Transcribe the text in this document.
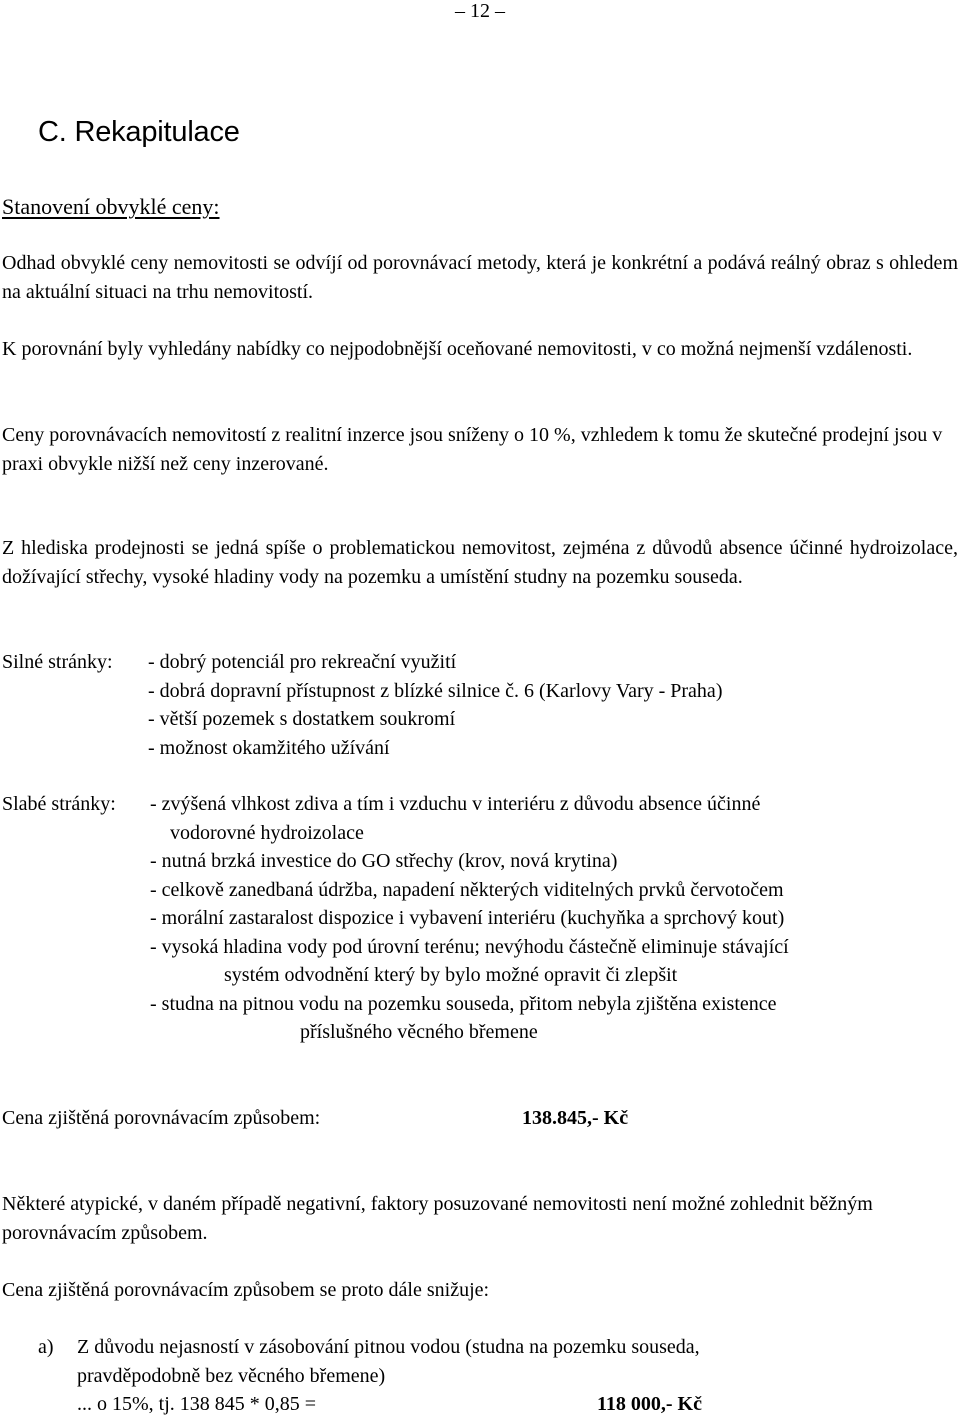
– 12 –
C. Rekapitulace
Stanovení obvyklé ceny:

Odhad obvyklé ceny nemovitosti se odvíjí od porovnávací metody, která je konkrétní a podává reálný obraz s ohledem na aktuální situaci na trhu nemovitostí.

K porovnání byly vyhledány nabídky co nejpodobnější oceňované nemovitosti, v co možná nejmenší vzdálenosti.

Ceny porovnávacích nemovitostí z realitní inzerce jsou sníženy o 10 %, vzhledem k tomu že skutečné prodejní jsou v praxi obvykle nižší než ceny inzerované.

Z hlediska prodejnosti se jedná spíše o problematickou nemovitost, zejména z důvodů absence účinné hydroizolace, dožívající střechy, vysoké hladiny vody na pozemku a umístění studny na pozemku souseda.

Silné stránky: - dobrý potenciál pro rekreační využití
- dobrá dopravní přístupnost z blízké silnice č. 6 (Karlovy Vary - Praha)
- větší pozemek s dostatkem soukromí
- možnost okamžitého užívání
Slabé stránky: - zvýšená vlhkost zdiva a tím i vzduchu v interiéru z důvodu absence účinné
vodorovné hydroizolace
- nutná brzká investice do GO střechy (krov, nová krytina)
- celkově zanedbaná údržba, napadení některých viditelných prvků červotočem
- morální zastaralost dispozice i vybavení interiéru (kuchyňka a sprchový kout)
- vysoká hladina vody pod úrovní terénu; nevýhodu částečně eliminuje stávající
systém odvodnění který by bylo možné opravit či zlepšit
- studna na pitnou vodu na pozemku souseda, přitom nebyla zjištěna existence
příslušného věcného břemene
Cena zjištěná porovnávacím způsobem:	138.845,- Kč

Některé atypické, v daném případě negativní, faktory posuzované nemovitosti není možné zohlednit běžným porovnávacím způsobem.

Cena zjištěná porovnávacím způsobem se proto dále snižuje:

a) Z důvodu nejasností v zásobování pitnou vodou (studna na pozemku souseda,
pravděpodobně bez věcného břemene)
... o 15%, tj. 138 845 * 0,85 =	118 000,- Kč
